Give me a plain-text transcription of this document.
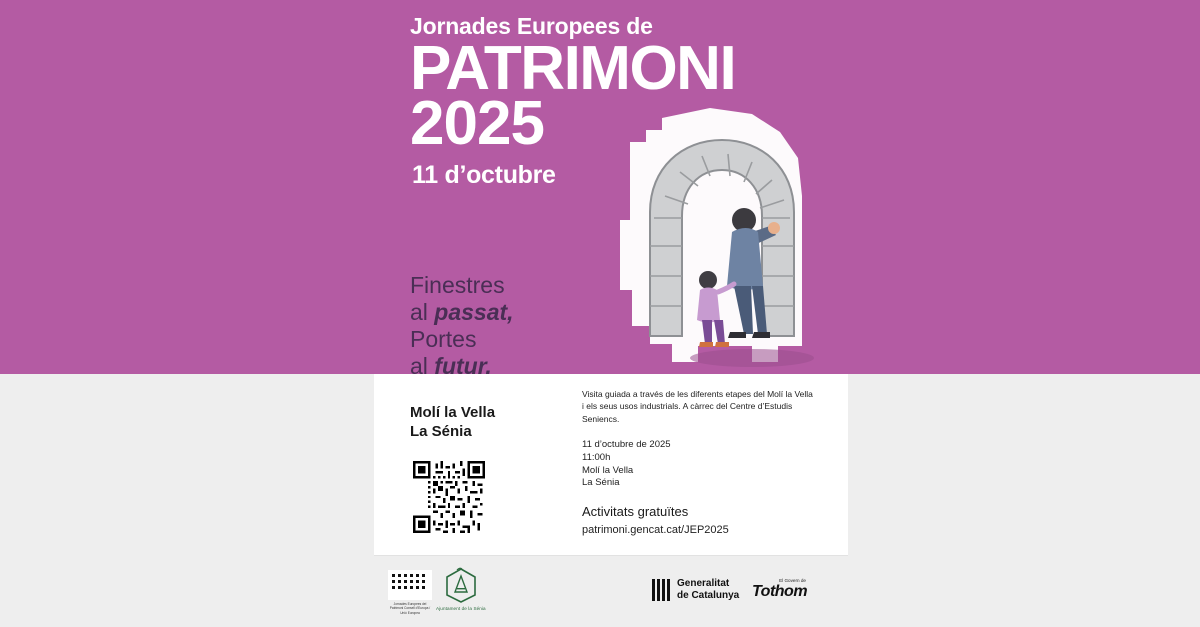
Jornades Europees de
PATRIMONI
2025
11 d’octubre
Finestres
al passat,
Portes
al futur.
Molí la Vella
La Sénia
Visita guiada a través de les diferents etapes del Molí la Vella i els seus usos industrials. A càrrec del Centre d’Estudis Seniencs.
11 d’octubre de 2025
11:00h
Molí la Vella
La Sénia
Activitats gratuïtes
patrimoni.gencat.cat/JEP2025
Jornades Europees del Patrimoni Consell d’Europa / Unió Europea
Ajuntament de la Sénia
Generalitat
de Catalunya
El Govern de
Tothom
